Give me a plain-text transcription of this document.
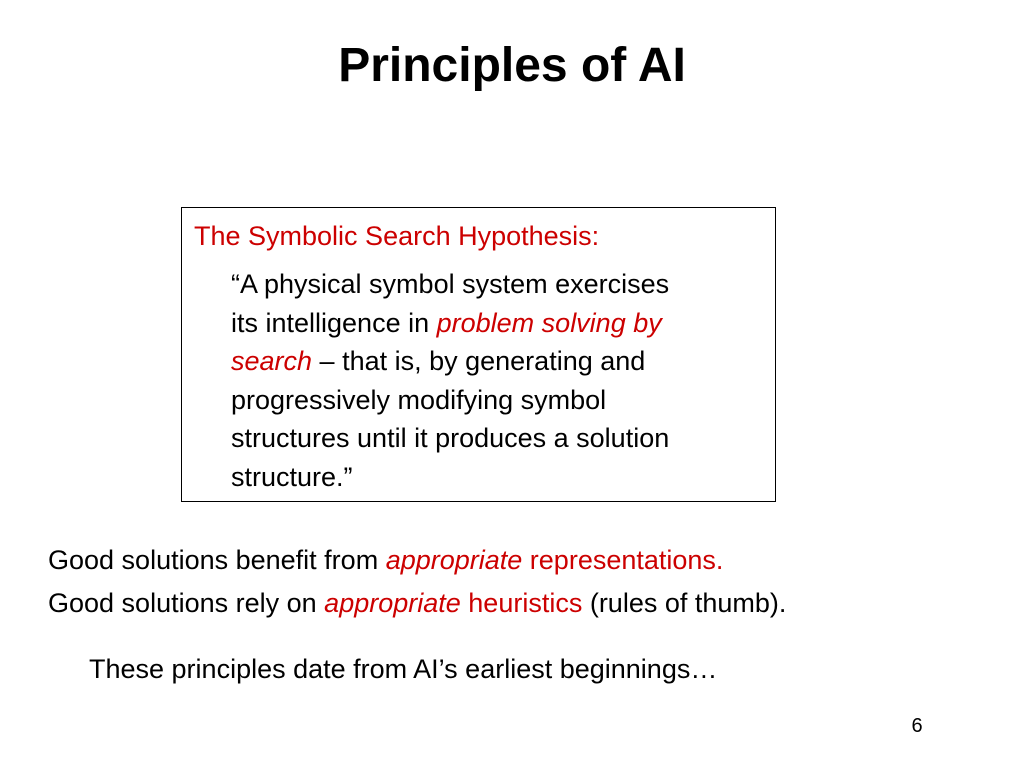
Principles of AI
The Symbolic Search Hypothesis:
“A physical symbol system exercises
its intelligence in problem solving by
search – that is, by generating and
progressively modifying symbol
structures until it produces a solution
structure.”
Good solutions benefit from appropriate representations.
Good solutions rely on appropriate heuristics (rules of thumb).
These principles date from AI’s earliest beginnings…
6
